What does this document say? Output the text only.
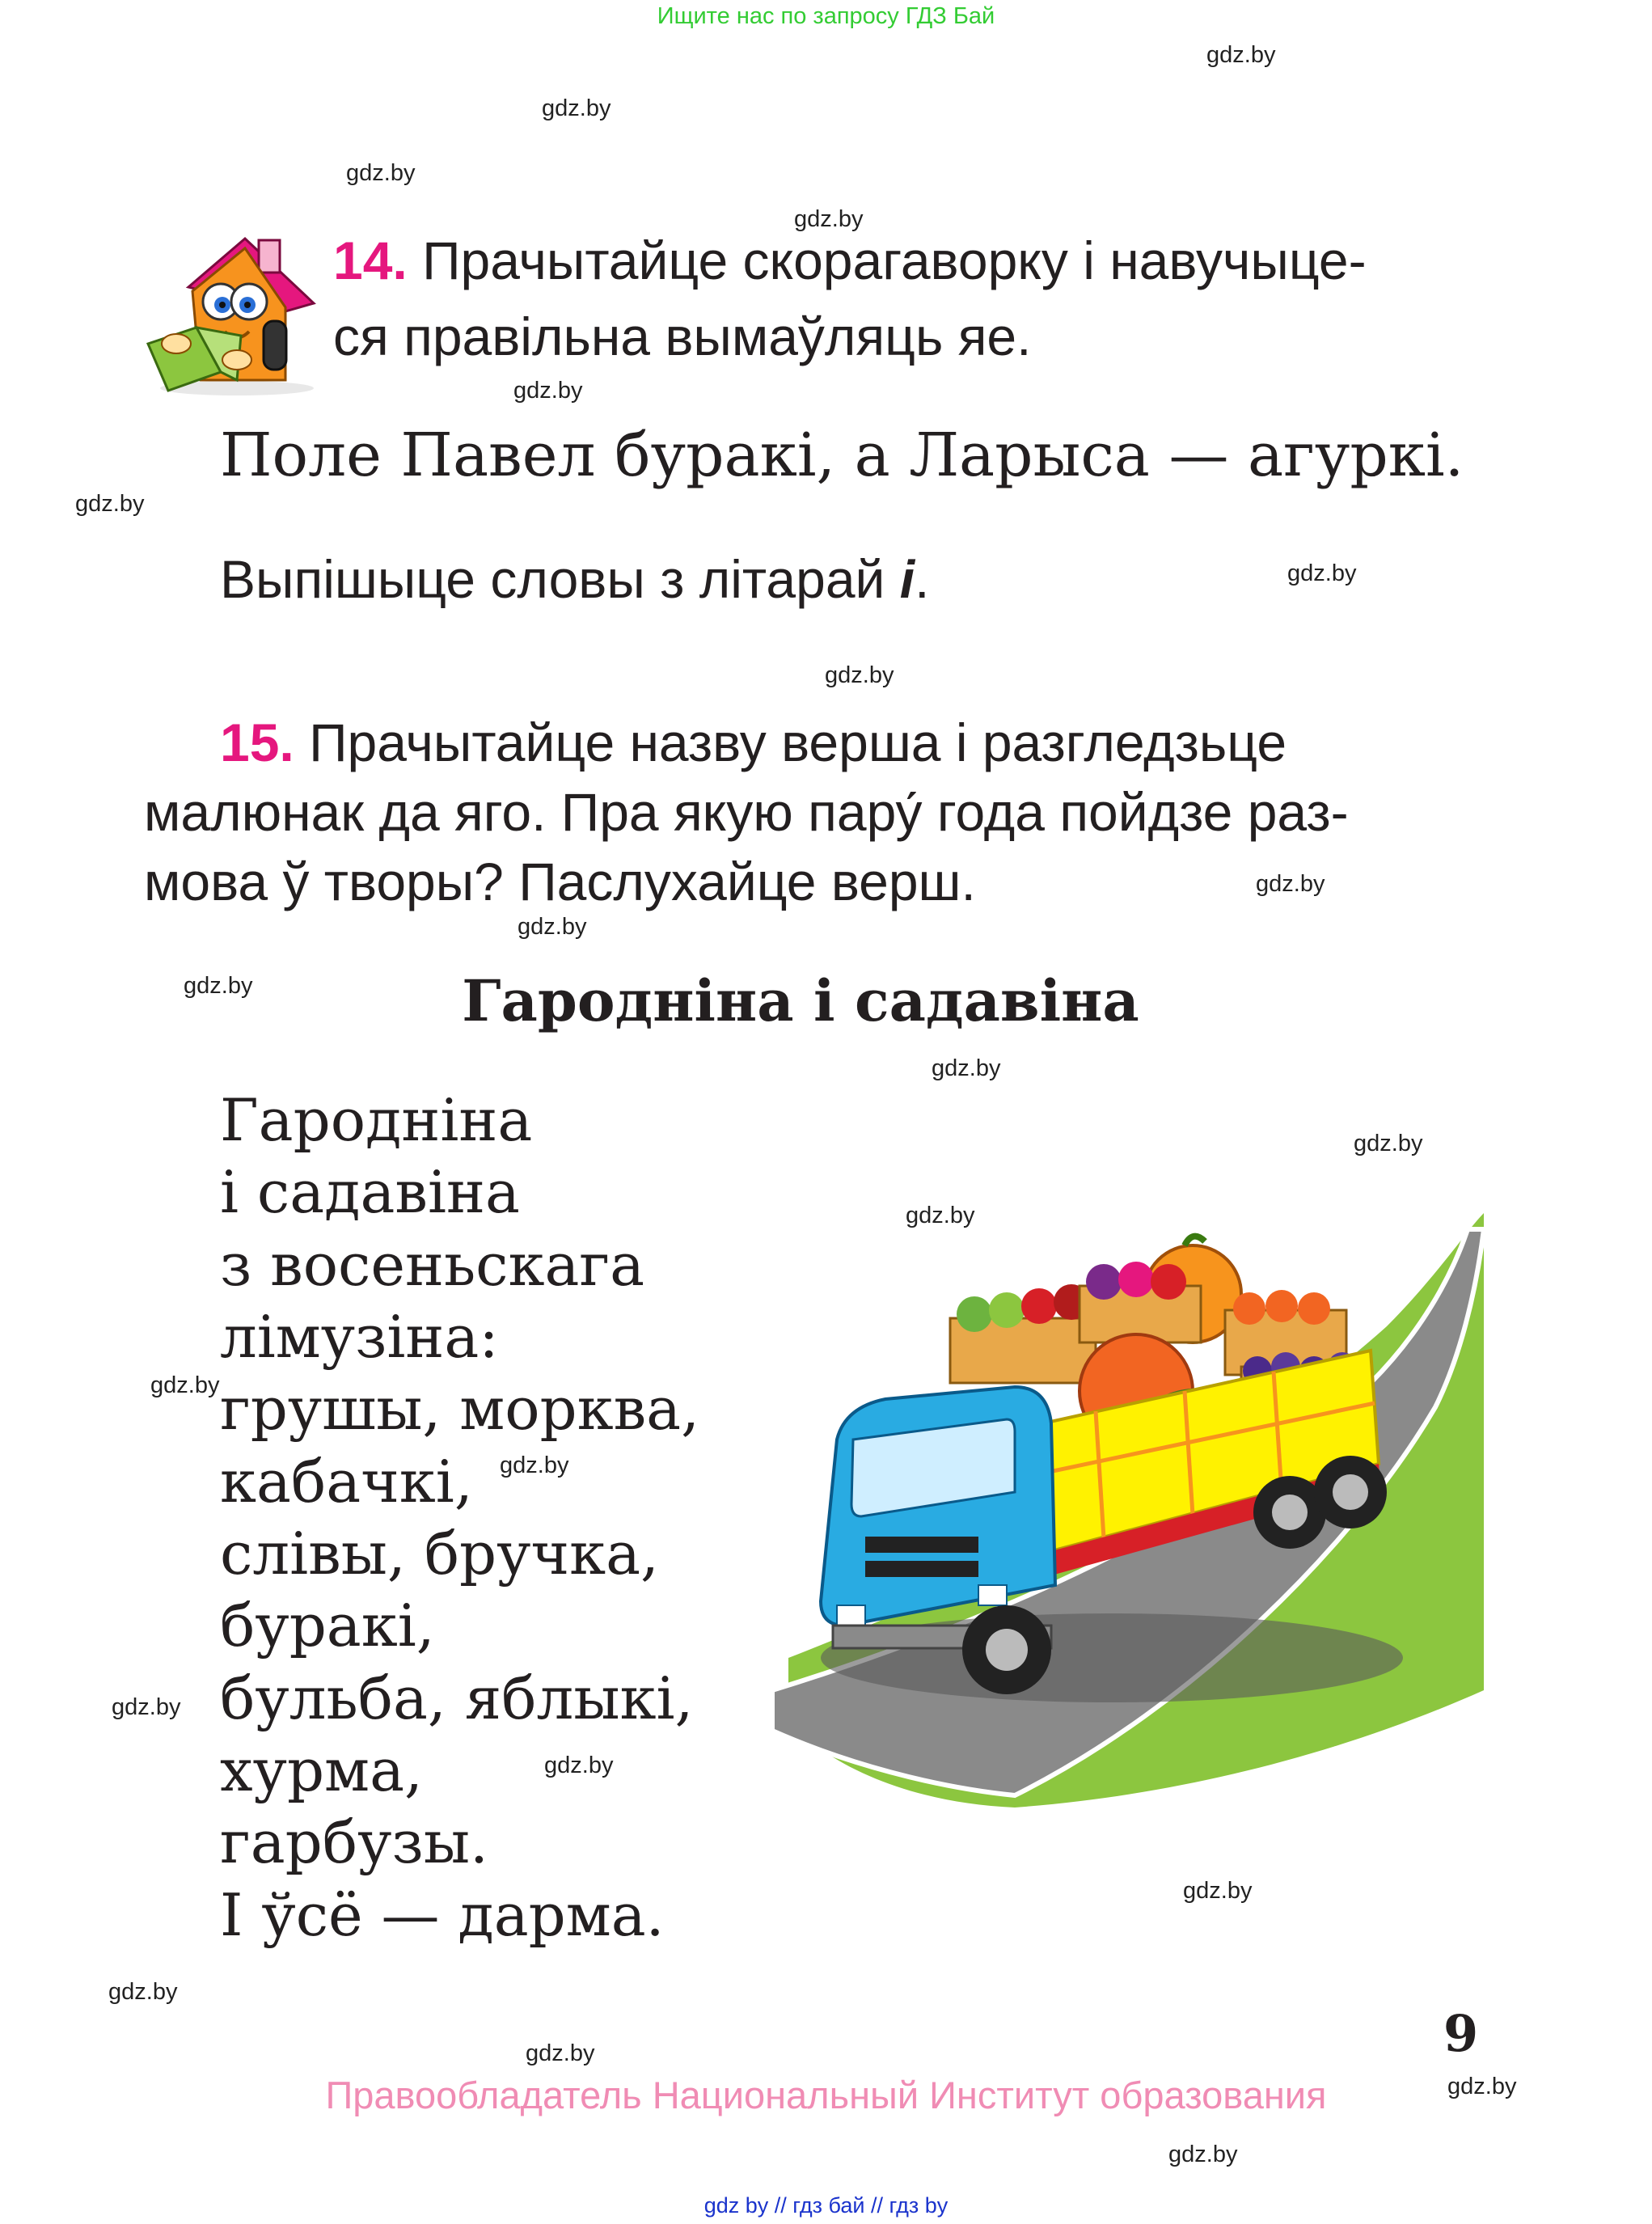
Ищите нас по запросу ГДЗ Бай
gdz.by
gdz.by
gdz.by
gdz.by
gdz.by
gdz.by
gdz.by
gdz.by
gdz.by
gdz.by
gdz.by
gdz.by
gdz.by
gdz.by
gdz.by
gdz.by
gdz.by
gdz.by
gdz.by
gdz.by
gdz.by
gdz.by
gdz.by
14. Прачытайце скорагаворку і навучыце-
ся правільна вымаўляць яе.
Поле Павел буракі, а Ларыса — агуркі.
Выпішыце словы з літарай і.
15. Прачытайце назву верша і разгледзьце
малюнак да яго. Пра якую пару́ года пойдзе раз-
мова ў творы? Паслухайце верш.
Гародніна і садавіна
Гародніна
і садавіна
з восеньскага
лімузіна:
грушы, морква,
кабачкі,
слівы, бручка,
буракі,
бульба, яблыкі,
хурма,
гарбузы.
І ўсё — дарма.
9
Правообладатель Национальный Институт образования
gdz by // гдз бай // гдз by
